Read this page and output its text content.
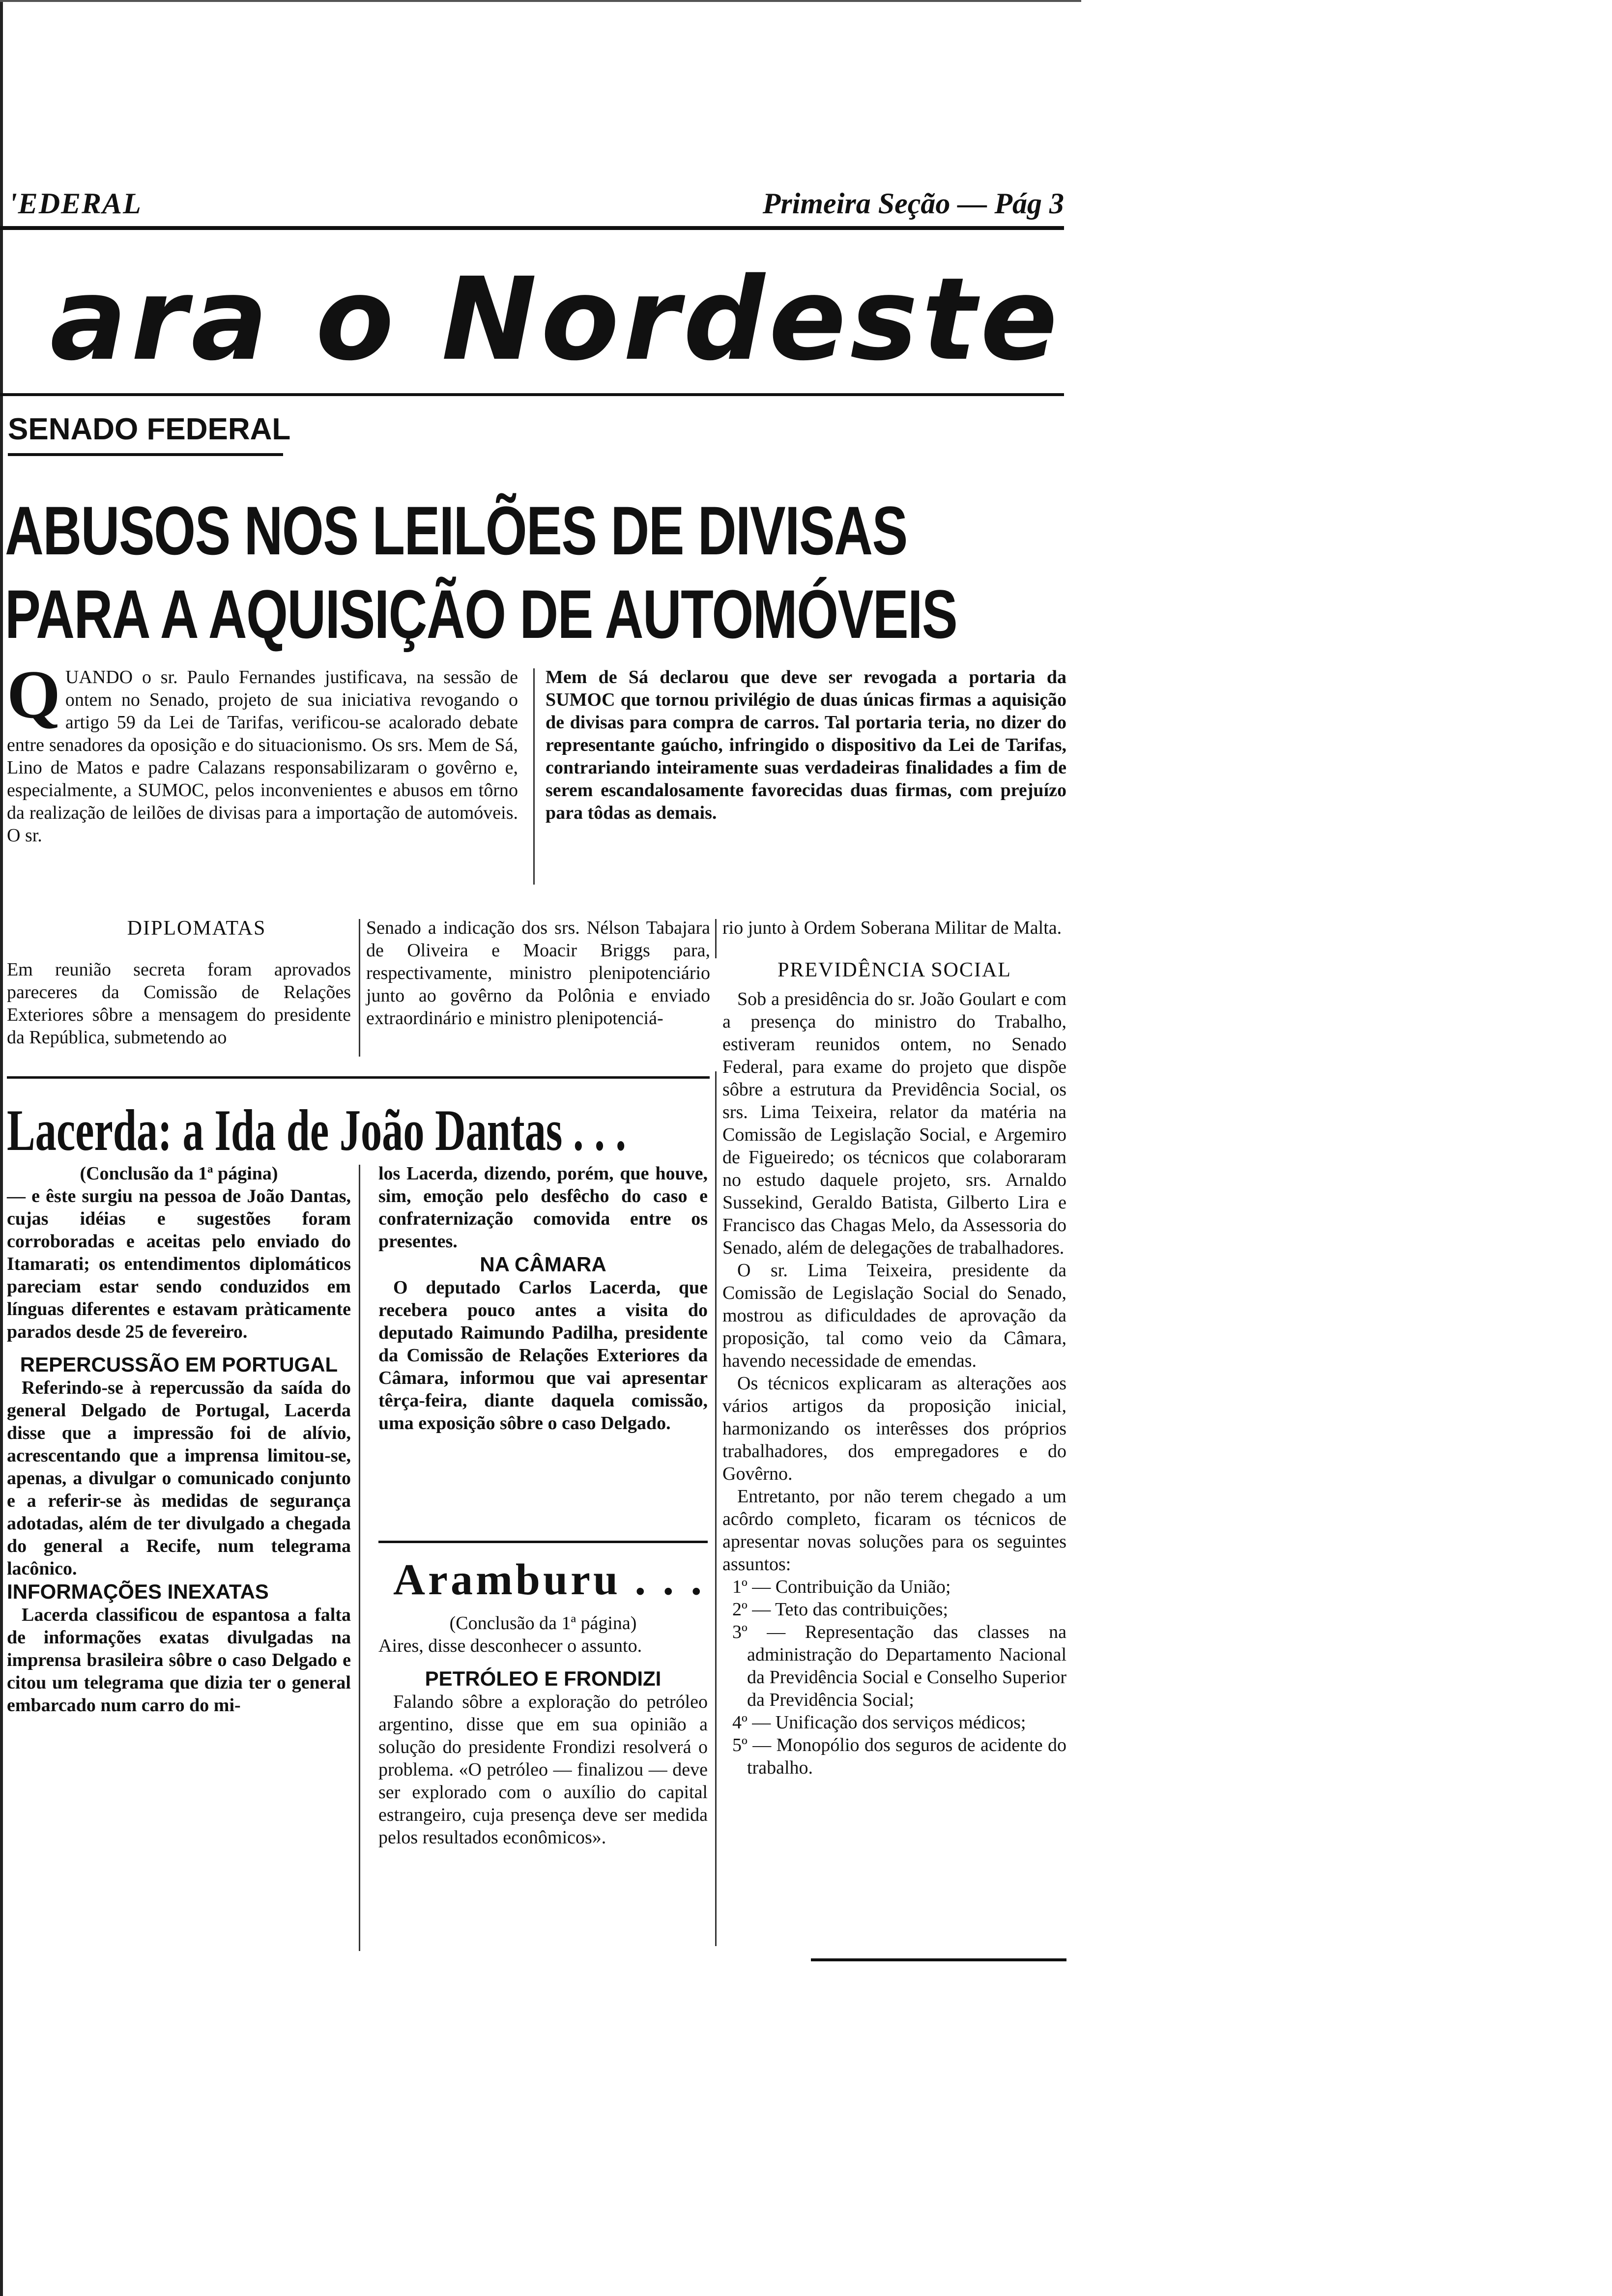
'EDERAL	Primeira Seção — Pág 3
ara o Nordeste
SENADO FEDERAL
ABUSOS NOS LEILÕES DE DIVISAS
PARA A AQUISIÇÃO DE AUTOMÓVEIS
Q UANDO o sr. Paulo Fernandes justificava, na sessão de ontem no Senado, projeto de sua iniciativa revogando o artigo 59 da Lei de Tarifas, verificou-se acalorado debate entre senadores da oposição e do situacionismo. Os srs. Mem de Sá, Lino de Matos e padre Calazans responsabilizaram o govêrno e, especialmente, a SUMOC, pelos inconvenientes e abusos em tôrno da realização de leilões de divisas para a importação de automóveis. O sr.
Mem de Sá declarou que deve ser revogada a portaria da SUMOC que tornou privilégio de duas únicas firmas a aquisição de divisas para compra de carros. Tal portaria teria, no dizer do representante gaúcho, infringido o dispositivo da Lei de Tarifas, contrariando inteiramente suas verdadeiras finalidades a fim de serem escandalosamente favorecidas duas firmas, com prejuízo para tôdas as demais.
DIPLOMATAS
Em reunião secreta foram aprovados pareceres da Comissão de Relações Exteriores sôbre a mensagem do presidente da República, submetendo ao
Senado a indicação dos srs. Nélson Tabajara de Oliveira e Moacir Briggs para, respectivamente, ministro plenipotenciário junto ao govêrno da Polônia e enviado extraordinário e ministro plenipotenciá-
rio junto à Ordem Soberana Militar de Malta.
PREVIDÊNCIA SOCIAL

Sob a presidência do sr. João Goulart e com a presença do ministro do Trabalho, estiveram reunidos ontem, no Senado Federal, para exame do projeto que dispõe sôbre a estrutura da Previdência Social, os srs. Lima Teixeira, relator da matéria na Comissão de Legislação Social, e Argemiro de Figueiredo; os técnicos que colaboraram no estudo daquele projeto, srs. Arnaldo Sussekind, Geraldo Batista, Gilberto Lira e Francisco das Chagas Melo, da Assessoria do Senado, além de delegações de trabalhadores.

O sr. Lima Teixeira, presidente da Comissão de Legislação Social do Senado, mostrou as dificuldades de aprovação da proposição, tal como veio da Câmara, havendo necessidade de emendas.

Os técnicos explicaram as alterações aos vários artigos da proposição inicial, harmonizando os interêsses dos próprios trabalhadores, dos empregadores e do Govêrno.

Entretanto, por não terem chegado a um acôrdo completo, ficaram os técnicos de apresentar novas soluções para os seguintes assuntos:

1º — Contribuição da União;
2º — Teto das contribuições;
3º — Representação das classes na administração do Departamento Nacional da Previdência Social e Conselho Superior da Previdência Social;
4º — Unificação dos serviços médicos;
5º — Monopólio dos seguros de acidente do trabalho.
Lacerda: a Ida de João Dantas . . .

(Conclusão da 1ª página)

— e êste surgiu na pessoa de João Dantas, cujas idéias e sugestões foram corroboradas e aceitas pelo enviado do Itamarati; os entendimentos diplomáticos pareciam estar sendo conduzidos em línguas diferentes e estavam pràticamente parados desde 25 de fevereiro.

REPERCUSSÃO EM PORTUGAL

Referindo-se à repercussão da saída do general Delgado de Portugal, Lacerda disse que a impressão foi de alívio, acrescentando que a imprensa limitou-se, apenas, a divulgar o comunicado conjunto e a referir-se às medidas de segurança adotadas, além de ter divulgado a chegada do general a Recife, num telegrama lacônico.

INFORMAÇÕES INEXATAS

Lacerda classificou de espantosa a falta de informações exatas divulgadas na imprensa brasileira sôbre o caso Delgado e citou um telegrama que dizia ter o general embarcado num carro do mi-

los Lacerda, dizendo, porém, que houve, sim, emoção pelo desfêcho do caso e confraternização comovida entre os presentes.

NA CÂMARA

O deputado Carlos Lacerda, que recebera pouco antes a visita do deputado Raimundo Padilha, presidente da Comissão de Relações Exteriores da Câmara, informou que vai apresentar têrça-feira, diante daquela comissão, uma exposição sôbre o caso Delgado.

Aramburu . . .

(Conclusão da 1ª página)

Aires, disse desconhecer o assunto.

PETRÓLEO E FRONDIZI

Falando sôbre a exploração do petróleo argentino, disse que em sua opinião a solução do presidente Frondizi resolverá o problema. «O petróleo — finalizou — deve ser explorado com o auxílio do capital estrangeiro, cuja presença deve ser medida pelos resultados econômicos».
